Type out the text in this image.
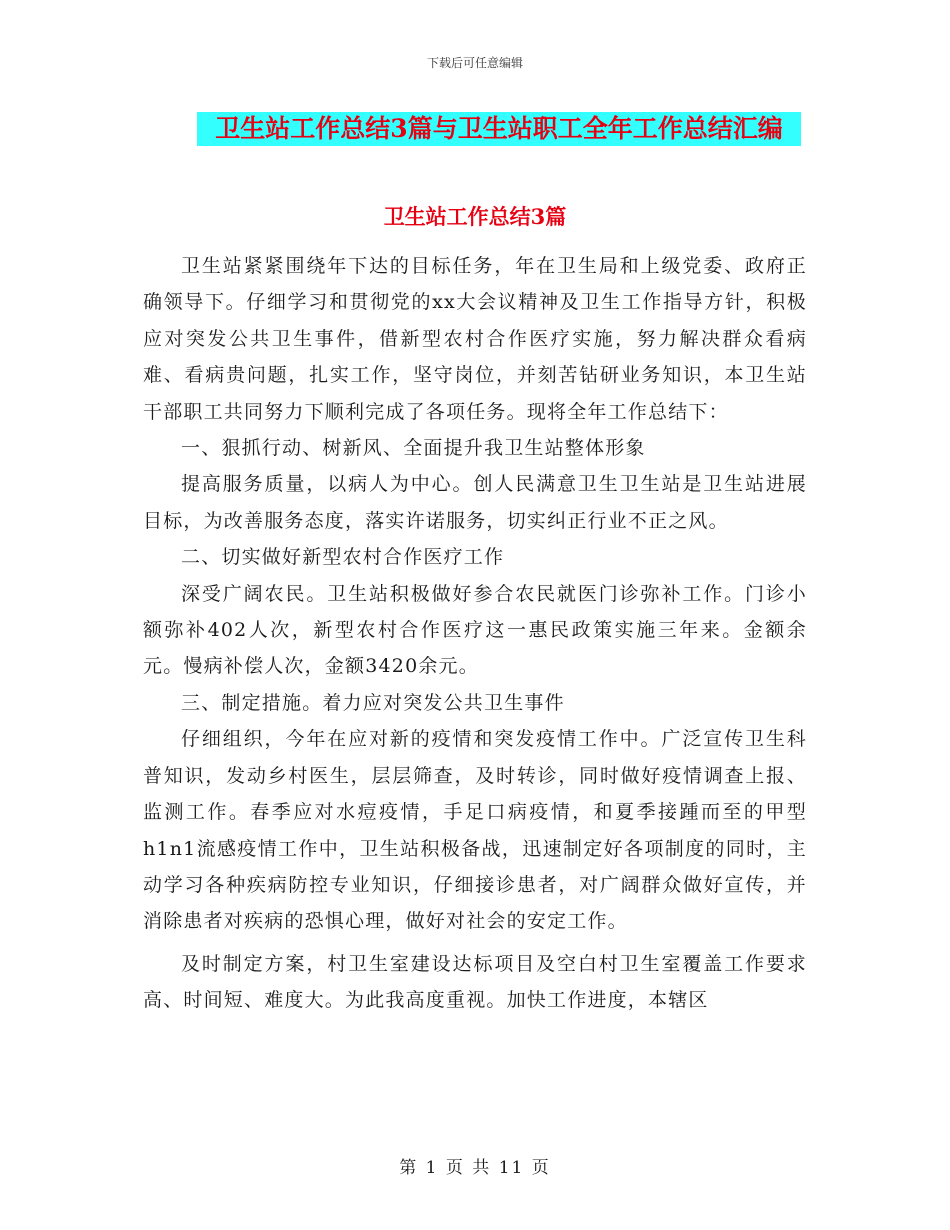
下载后可任意编辑
卫生站工作总结3篇与卫生站职工全年工作总结汇编
卫生站工作总结3篇

卫生站紧紧围绕年下达的目标任务，年在卫生局和上级党委、政府正确领导下。仔细学习和贯彻党的xx大会议精神及卫生工作指导方针，积极应对突发公共卫生事件，借新型农村合作医疗实施，努力解决群众看病难、看病贵问题，扎实工作，坚守岗位，并刻苦钻研业务知识，本卫生站干部职工共同努力下顺利完成了各项任务。现将全年工作总结下：

一、狠抓行动、树新风、全面提升我卫生站整体形象

提高服务质量，以病人为中心。创人民满意卫生卫生站是卫生站进展目标，为改善服务态度，落实许诺服务，切实纠正行业不正之风。

二、切实做好新型农村合作医疗工作

深受广阔农民。卫生站积极做好参合农民就医门诊弥补工作。门诊小额弥补402人次，新型农村合作医疗这一惠民政策实施三年来。金额余元。慢病补偿人次，金额3420余元。

三、制定措施。着力应对突发公共卫生事件

仔细组织，今年在应对新的疫情和突发疫情工作中。广泛宣传卫生科普知识，发动乡村医生，层层筛查，及时转诊，同时做好疫情调查上报、监测工作。春季应对水痘疫情，手足口病疫情，和夏季接踵而至的甲型h1n1流感疫情工作中，卫生站积极备战，迅速制定好各项制度的同时，主动学习各种疾病防控专业知识，仔细接诊患者，对广阔群众做好宣传，并消除患者对疾病的恐惧心理，做好对社会的安定工作。

及时制定方案，村卫生室建设达标项目及空白村卫生室覆盖工作要求高、时间短、难度大。为此我高度重视。加快工作进度，本辖区

第 1 页 共 11 页
